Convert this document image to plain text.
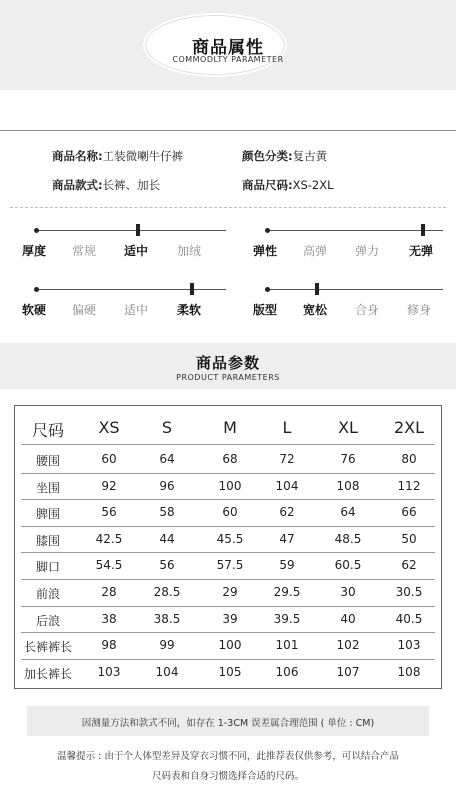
商品属性
COMMODLTY PARAMETER
商品名称:工装微喇牛仔裤	颜色分类:复古黄
商品款式:长裤、加长	商品尺码:XS-2XL
厚度 常规 适中 加绒	弹性 高弹 弹力 无弹
软硬 偏硬 适中 柔软	版型 宽松 合身 修身
商品参数
PRODUCT PARAMETERS
尺码	XS	S	M	L	XL	2XL
腰围	60	64	68	72	76	80
坐围	92	96	100	104	108	112
脾围	56	58	60	62	64	66
膝围	42.5	44	45.5	47	48.5	50
脚口	54.5	56	57.5	59	60.5	62
前浪	28	28.5	29	29.5	30	30.5
后浪	38	38.5	39	39.5	40	40.5
长裤裤长	98	99	100	101	102	103
加长裤长	103	104	105	106	107	108
因测量方法和款式不同，如存在 1-3CM 误差属合理范围 ( 单位 : CM)
温馨提示 : 由于个人体型差异及穿衣习惯不同，此推荐表仅供参考，可以结合产品
尺码表和自身习惯选择合适的尺码。
